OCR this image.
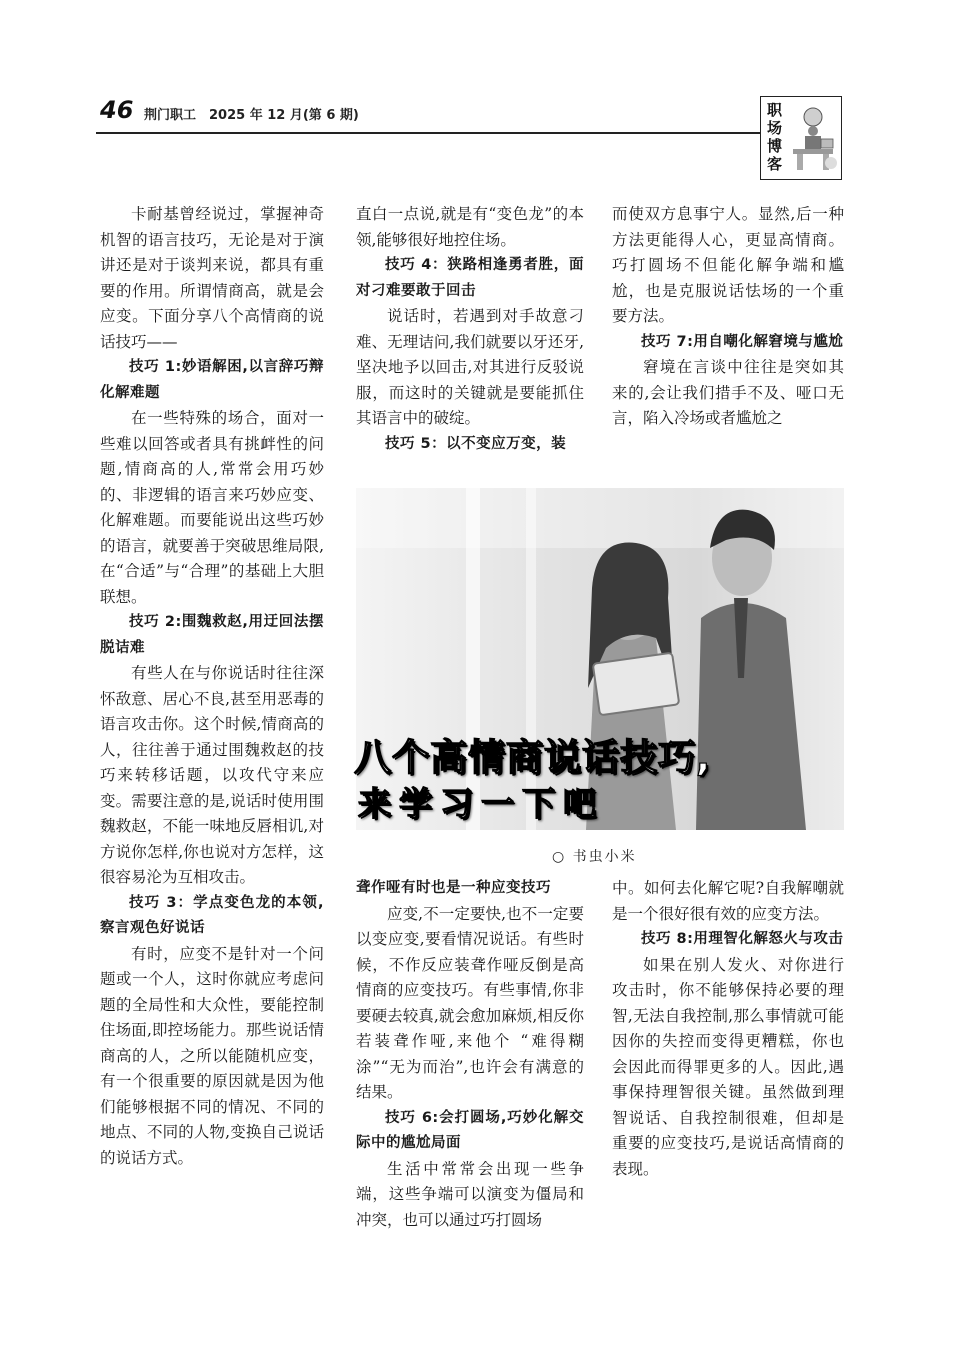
46 荆门职工　2025 年 12 月(第 6 期)	职场博客

卡耐基曾经说过，掌握神奇机智的语言技巧，无论是对于演讲还是对于谈判来说，都具有重要的作用。所谓情商高，就是会应变。下面分享八个高情商的说话技巧——

技巧 1:妙语解困,以言辞巧辩化解难题

在一些特殊的场合，面对一些难以回答或者具有挑衅性的问题,情商高的人,常常会用巧妙的、非逻辑的语言来巧妙应变、化解难题。而要能说出这些巧妙的语言，就要善于突破思维局限,在“合适”与“合理”的基础上大胆联想。

技巧 2:围魏救赵,用迂回法摆脱诘难

有些人在与你说话时往往深怀敌意、居心不良,甚至用恶毒的语言攻击你。这个时候,情商高的人，往往善于通过围魏救赵的技巧来转移话题，以攻代守来应变。需要注意的是,说话时使用围魏救赵，不能一味地反唇相讥,对方说你怎样,你也说对方怎样，这很容易沦为互相攻击。

技巧 3：学点变色龙的本领,察言观色好说话

有时，应变不是针对一个问题或一个人，这时你就应考虑问题的全局性和大众性，要能控制住场面,即控场能力。那些说话情商高的人，之所以能随机应变，有一个很重要的原因就是因为他们能够根据不同的情况、不同的地点、不同的人物,变换自己说话的说话方式。

直白一点说,就是有“变色龙”的本领,能够很好地控住场。

技巧 4：狭路相逢勇者胜，面对刁难要敢于回击

说话时，若遇到对手故意刁难、无理诘问,我们就要以牙还牙,坚决地予以回击,对其进行反驳说服，而这时的关键就是要能抓住其语言中的破绽。

技巧 5：以不变应万变，装

而使双方息事宁人。显然,后一种方法更能得人心，更显高情商。巧打圆场不但能化解争端和尴尬，也是克服说话怯场的一个重要方法。

技巧 7:用自嘲化解窘境与尴尬

窘境在言谈中往往是突如其来的,会让我们措手不及、哑口无言，陷入冷场或者尴尬之

八个高情商说话技巧,
来学习一下吧
○ 书虫小米
聋作哑有时也是一种应变技巧

应变,不一定要快,也不一定要以变应变,要看情况说话。有些时候，不作反应装聋作哑反倒是高情商的应变技巧。有些事情,你非要硬去较真,就会愈加麻烦,相反你若装聋作哑,来他个 “难得糊涂”“无为而治”,也许会有满意的结果。

技巧 6:会打圆场,巧妙化解交际中的尴尬局面

生活中常常会出现一些争端，这些争端可以演变为僵局和冲突，也可以通过巧打圆场

中。如何去化解它呢?自我解嘲就是一个很好很有效的应变方法。

技巧 8:用理智化解怒火与攻击

如果在别人发火、对你进行攻击时，你不能够保持必要的理智,无法自我控制,那么事情就可能因你的失控而变得更糟糕，你也会因此而得罪更多的人。因此,遇事保持理智很关键。虽然做到理智说话、自我控制很难，但却是重要的应变技巧,是说话高情商的表现。
